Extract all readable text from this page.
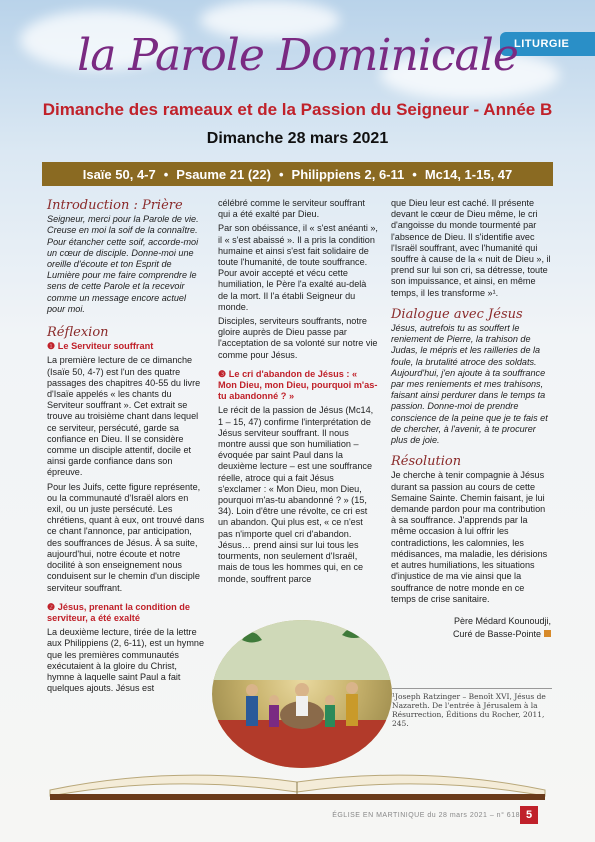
LITURGIE
la Parole Dominicale
Dimanche des rameaux et de la Passion du Seigneur - Année B
Dimanche 28 mars 2021
Isaïe 50, 4-7 • Psaume 21 (22) • Philippiens 2, 6-11 • Mc14, 1-15, 47
Introduction : Prière

Seigneur, merci pour la Parole de vie. Creuse en moi la soif de la connaître. Pour étancher cette soif, accorde-moi un cœur de disciple. Donne-moi une oreille d'écoute et ton Esprit de Lumière pour me faire comprendre le sens de cette Parole et la recevoir comme un message encore actuel pour moi.

Réflexion

❶ Le Serviteur souffrant

La première lecture de ce dimanche (Isaïe 50, 4-7) est l'un des quatre passages des chapitres 40-55 du livre d'Isaïe appelés « les chants du Serviteur souffrant ». Cet extrait se trouve au troisième chant dans lequel ce serviteur, persécuté, garde sa confiance en Dieu. Il se considère comme un disciple attentif, docile et ainsi garde confiance dans son épreuve.

Pour les Juifs, cette figure représente, ou la communauté d'Israël alors en exil, ou un juste persécuté. Les chrétiens, quant à eux, ont trouvé dans ce chant l'annonce, par anticipation, des souffrances de Jésus. À sa suite, aujourd'hui, notre écoute et notre docilité à son enseignement nous conduisent sur le chemin d'un disciple serviteur souffrant.

❷ Jésus, prenant la condition de serviteur, a été exalté

La deuxième lecture, tirée de la lettre aux Philippiens (2, 6-11), est un hymne que les premières communautés exécutaient à la gloire du Christ, hymne à laquelle saint Paul a fait quelques ajouts. Jésus est

célébré comme le serviteur souffrant qui a été exalté par Dieu.

Par son obéissance, il « s'est anéanti », il « s'est abaissé ». Il a pris la condition humaine et ainsi s'est fait solidaire de toute l'humanité, de toute souffrance. Pour avoir accepté et vécu cette humiliation, le Père l'a exalté au-delà de la mort. Il l'a établi Seigneur du monde.

Disciples, serviteurs souffrants, notre gloire auprès de Dieu passe par l'acceptation de sa volonté sur notre vie comme pour Jésus.

❸ Le cri d'abandon de Jésus : « Mon Dieu, mon Dieu, pourquoi m'as-tu abandonné ? »

Le récit de la passion de Jésus (Mc14, 1 – 15, 47) confirme l'interprétation de Jésus serviteur souffrant. Il nous montre aussi que son humiliation – évoquée par saint Paul dans la deuxième lecture – est une souffrance réelle, atroce qui a fait Jésus s'exclamer : « Mon Dieu, mon Dieu, pourquoi m'as-tu abandonné ? » (15, 34). Loin d'être une révolte, ce cri est un abandon. Qui plus est, « ce n'est pas n'importe quel cri d'abandon. Jésus… prend ainsi sur lui tous les tourments, non seulement d'Israël, mais de tous les hommes qui, en ce monde, souffrent parce

que Dieu leur est caché. Il présente devant le cœur de Dieu même, le cri d'angoisse du monde tourmenté par l'absence de Dieu. Il s'identifie avec l'Israël souffrant, avec l'humanité qui souffre à cause de la « nuit de Dieu », il prend sur lui son cri, sa détresse, toute son impuissance, et ainsi, en même temps, il les transforme »¹.

Dialogue avec Jésus

Jésus, autrefois tu as souffert le reniement de Pierre, la trahison de Judas, le mépris et les railleries de la foule, la brutalité atroce des soldats. Aujourd'hui, j'en ajoute à ta souffrance par mes reniements et mes trahisons, faisant ainsi perdurer dans le temps ta passion. Donne-moi de prendre conscience de la peine que je te fais et de chercher, à l'avenir, à te procurer plus de joie.

Résolution

Je cherche à tenir compagnie à Jésus durant sa passion au cours de cette Semaine Sainte. Chemin faisant, je lui demande pardon pour ma contribution à sa souffrance. J'apprends par la même occasion à lui offrir les contradictions, les calomnies, les médisances, ma maladie, les dérisions et autres humiliations, les situations d'injustice de ma vie ainsi que la souffrance de notre monde en ce temps de crise sanitaire.

Père Médard Kounoudji,
Curé de Basse-Pointe
¹Joseph Ratzinger – Benoît XVI, Jésus de Nazareth. De l'entrée à Jérusalem à la Résurrection, Éditions du Rocher, 2011, 245.
ÉGLISE EN MARTINIQUE du 28 mars 2021 – n° 618 5
